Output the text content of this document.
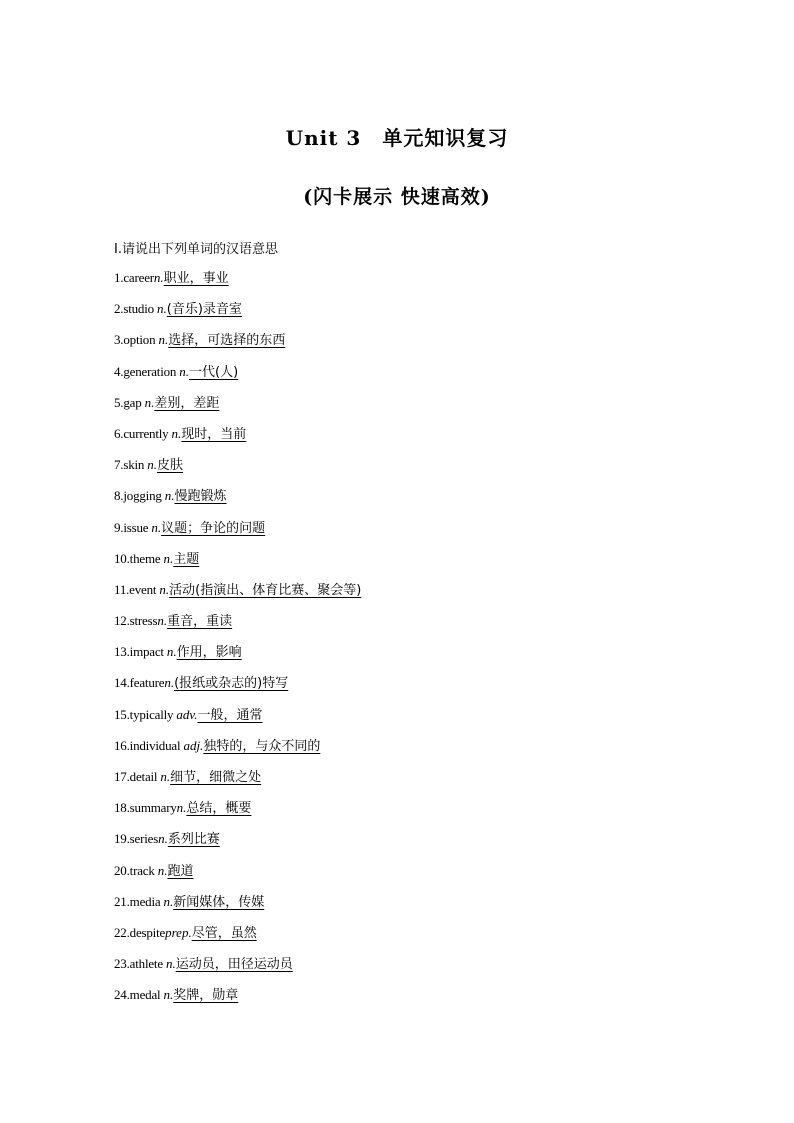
Unit 3　单元知识复习
(闪卡展示 快速高效)
Ⅰ.请说出下列单词的汉语意思
1.careern.职业，事业
2.studio n.(音乐)录音室
3.option n.选择，可选择的东西
4.generation n.一代(人)
5.gap n.差别，差距
6.currently n.现时，当前
7.skin n.皮肤
8.jogging n.慢跑锻炼
9.issue n.议题；争论的问题
10.theme n.主题
11.event n.活动(指演出、体育比赛、聚会等)
12.stressn.重音，重读
13.impact n.作用，影响
14.featuren.(报纸或杂志的)特写
15.typically adv.一般，通常
16.individual adj.独特的，与众不同的
17.detail n.细节，细微之处
18.summaryn.总结，概要
19.seriesn.系列比赛
20.track n.跑道
21.media n.新闻媒体，传媒
22.despiteprep.尽管，虽然
23.athlete n.运动员，田径运动员
24.medal n.奖牌，勋章
